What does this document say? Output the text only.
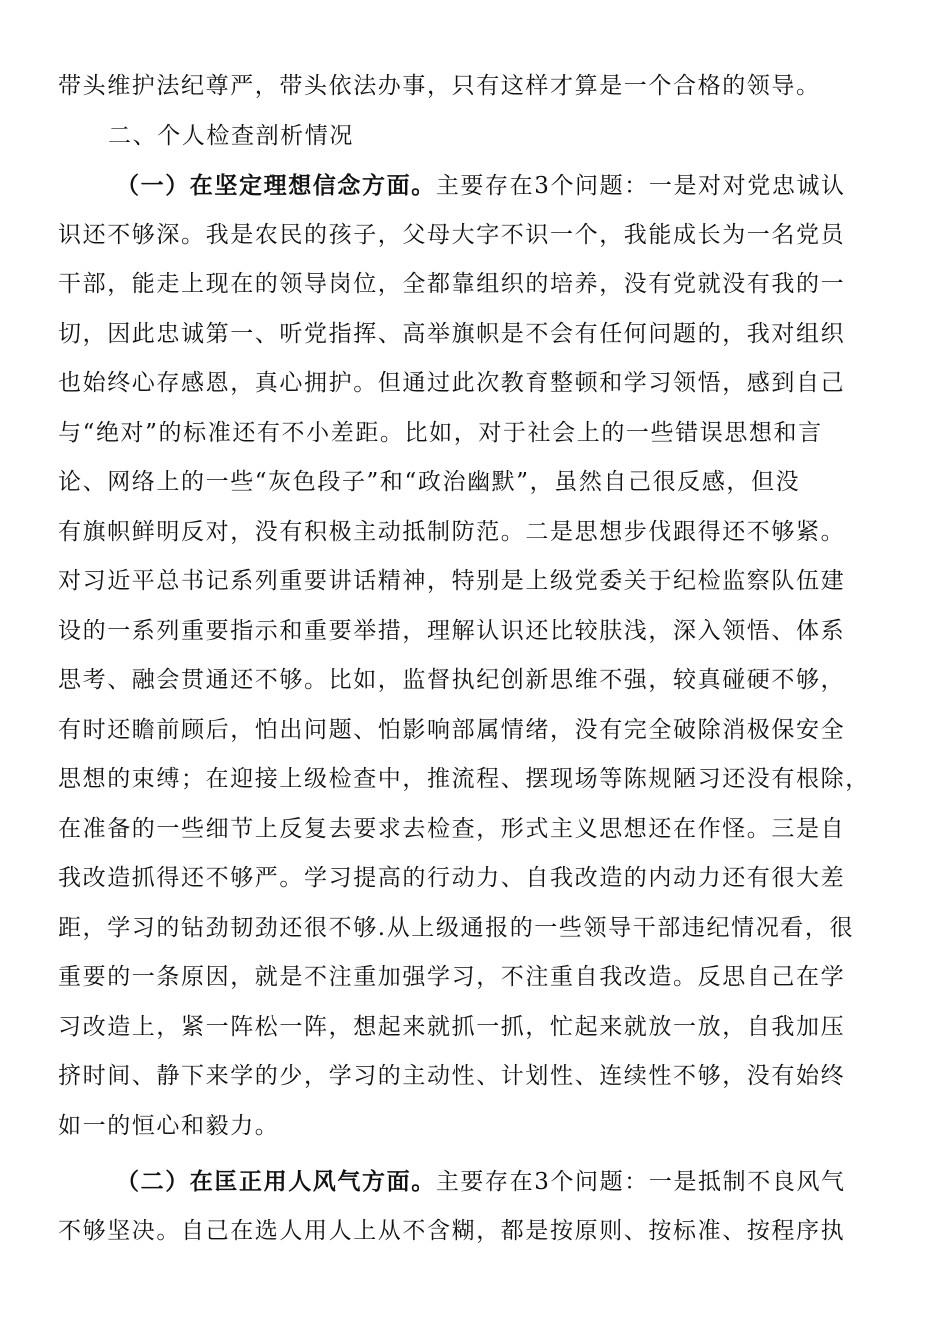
带头维护法纪尊严，带头依法办事，只有这样才算是一个合格的领导。
二、个人检查剖析情况
（一）在坚定理想信念方面。主要存在3个问题：一是对对党忠诚认
识还不够深。我是农民的孩子，父母大字不识一个，我能成长为一名党员
干部，能走上现在的领导岗位，全都靠组织的培养，没有党就没有我的一
切，因此忠诚第一、听党指挥、高举旗帜是不会有任何问题的，我对组织
也始终心存感恩，真心拥护。但通过此次教育整顿和学习领悟，感到自己
与“绝对”的标准还有不小差距。比如，对于社会上的一些错误思想和言
论、网络上的一些“灰色段子”和“政治幽默”，虽然自己很反感，但没
有旗帜鲜明反对，没有积极主动抵制防范。二是思想步伐跟得还不够紧。
对习近平总书记系列重要讲话精神，特别是上级党委关于纪检监察队伍建
设的一系列重要指示和重要举措，理解认识还比较肤浅，深入领悟、体系
思考、融会贯通还不够。比如，监督执纪创新思维不强，较真碰硬不够，
有时还瞻前顾后，怕出问题、怕影响部属情绪，没有完全破除消极保安全
思想的束缚；在迎接上级检查中，推流程、摆现场等陈规陋习还没有根除，
在准备的一些细节上反复去要求去检查，形式主义思想还在作怪。三是自
我改造抓得还不够严。学习提高的行动力、自我改造的内动力还有很大差
距，学习的钻劲韧劲还很不够.从上级通报的一些领导干部违纪情况看，很
重要的一条原因，就是不注重加强学习，不注重自我改造。反思自己在学
习改造上，紧一阵松一阵，想起来就抓一抓，忙起来就放一放，自我加压
挤时间、静下来学的少，学习的主动性、计划性、连续性不够，没有始终
如一的恒心和毅力。
（二）在匡正用人风气方面。主要存在3个问题：一是抵制不良风气
不够坚决。自己在选人用人上从不含糊，都是按原则、按标准、按程序执
